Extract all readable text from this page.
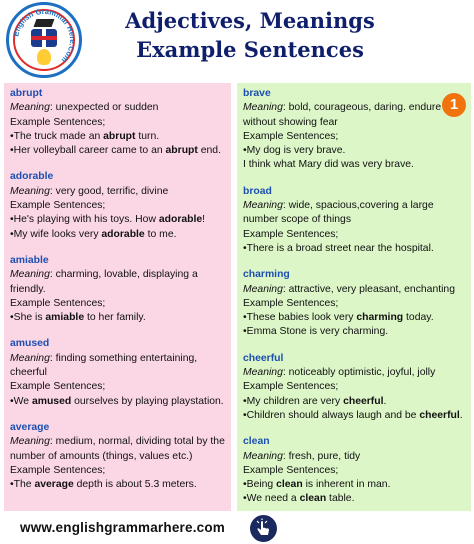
English Grammar Here.Com
Adjectives, Meanings
Example Sentences
abrupt
Meaning: unexpected or sudden
Example Sentences;
•The truck made an abrupt turn.
•Her volleyball career came to an abrupt end.
adorable
Meaning: very good, terrific, divine
Example Sentences;
•He's playing with his toys. How adorable!
•My wife looks very adorable to me.
amiable
Meaning: charming, lovable, displaying a friendly.
Example Sentences;
•She is amiable to her family.
amused
Meaning: finding something entertaining, cheerful
Example Sentences;
•We amused ourselves by playing playstation.
average
Meaning: medium, normal, dividing total by the number of amounts (things, values etc.)
Example Sentences;
•The average depth is about 5.3 meters.
brave
Meaning: bold, courageous, daring. endure without showing fear
Example Sentences;
•My dog is very brave.
I think what Mary did was very brave.
broad
Meaning: wide, spacious,covering a large number scope of things
Example Sentences;
•There is a broad street near the hospital.
charming
Meaning: attractive, very pleasant, enchanting
Example Sentences;
•These babies look very charming today.
•Emma Stone is very charming.
cheerful
Meaning: noticeably optimistic, joyful, jolly
Example Sentences;
•My children are very cheerful.
•Children should always laugh and be cheerful.
clean
Meaning: fresh, pure, tidy
Example Sentences;
•Being clean is inherent in man.
•We need a clean table.
1
www.englishgrammarhere.com
